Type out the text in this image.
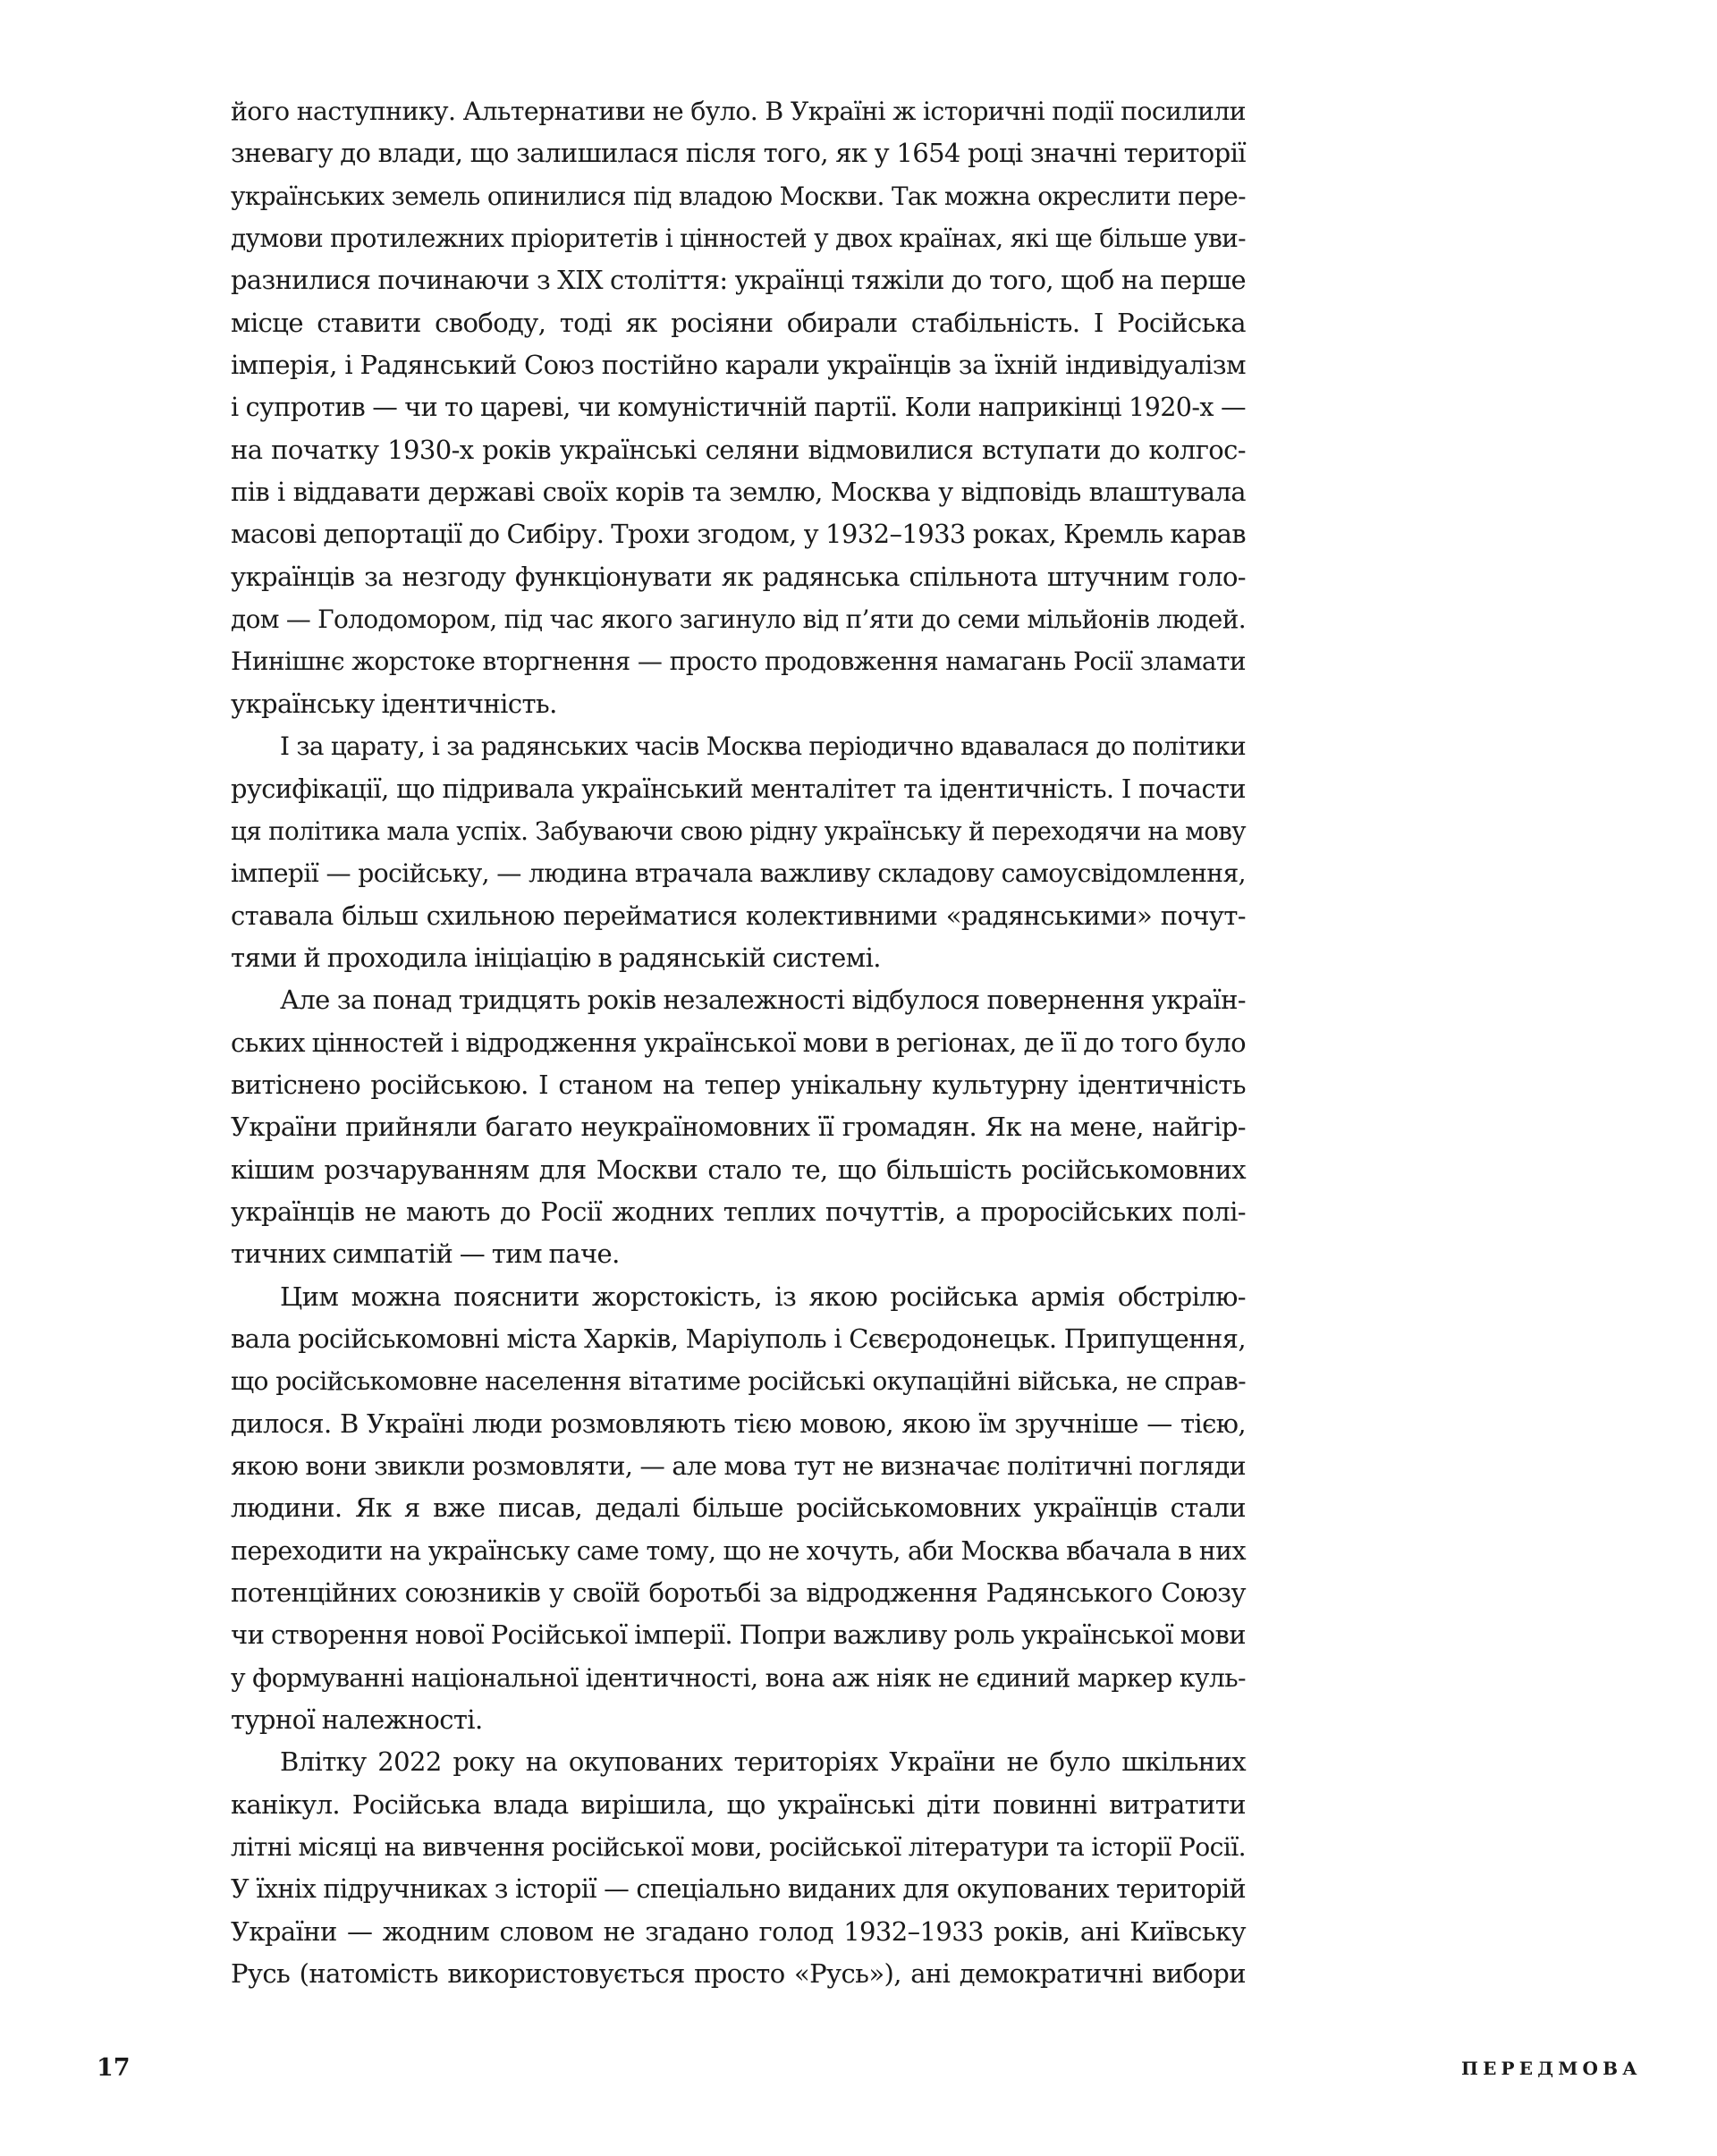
його наступнику. Альтернативи не було. В Україні ж історичні події посилили
зневагу до влади, що залишилася після того, як у 1654 році значні території
українських земель опинилися під владою Москви. Так можна окреслити пере-
думови протилежних пріоритетів і цінностей у двох країнах, які ще більше уви-
разнилися починаючи з XIX століття: українці тяжіли до того, щоб на перше
місце ставити свободу, тоді як росіяни обирали стабільність. І Російська
імперія, і Радянський Союз постійно карали українців за їхній індивідуалізм
і супротив — чи то цареві, чи комуністичній партії. Коли наприкінці 1920-х —
на початку 1930-х років українські селяни відмовилися вступати до колгос-
пів і віддавати державі своїх корів та землю, Москва у відповідь влаштувала
масові депортації до Сибіру. Трохи згодом, у 1932–1933 роках, Кремль карав
українців за незгоду функціонувати як радянська спільнота штучним голо-
дом — Голодомором, під час якого загинуло від п’яти до семи мільйонів людей.
Нинішнє жорстоке вторгнення — просто продовження намагань Росії зламати
українську ідентичність.

І за царату, і за радянських часів Москва періодично вдавалася до політики
русифікації, що підривала український менталітет та ідентичність. І почасти
ця політика мала успіх. Забуваючи свою рідну українську й переходячи на мову
імперії — російську, — людина втрачала важливу складову самоусвідомлення,
ставала більш схильною перейматися колективними «радянськими» почут-
тями й проходила ініціацію в радянській системі.

Але за понад тридцять років незалежності відбулося повернення україн-
ських цінностей і відродження української мови в регіонах, де її до того було
витіснено російською. І станом на тепер унікальну культурну ідентичність
України прийняли багато неукраїномовних її громадян. Як на мене, найгір-
кішим розчаруванням для Москви стало те, що більшість російськомовних
українців не мають до Росії жодних теплих почуттів, а проросійських полі-
тичних симпатій — тим паче.

Цим можна пояснити жорстокість, із якою російська армія обстрілю-
вала російськомовні міста Харків, Маріуполь і Сєвєродонецьк. Припущення,
що російськомовне населення вітатиме російські окупаційні війська, не справ-
дилося. В Україні люди розмовляють тією мовою, якою їм зручніше — тією,
якою вони звикли розмовляти, — але мова тут не визначає політичні погляди
людини. Як я вже писав, дедалі більше російськомовних українців стали
переходити на українську саме тому, що не хочуть, аби Москва вбачала в них
потенційних союзників у своїй боротьбі за відродження Радянського Союзу
чи створення нової Російської імперії. Попри важливу роль української мови
у формуванні національної ідентичності, вона аж ніяк не єдиний маркер куль-
турної належності.

Влітку 2022 року на окупованих територіях України не було шкільних
канікул. Російська влада вирішила, що українські діти повинні витратити
літні місяці на вивчення російської мови, російської літератури та історії Росії.
У їхніх підручниках з історії — спеціально виданих для окупованих територій
України — жодним словом не згадано голод 1932–1933 років, ані Київську
Русь (натомість використовується просто «Русь»), ані демократичні вибори

17	ПЕРЕДМОВА
